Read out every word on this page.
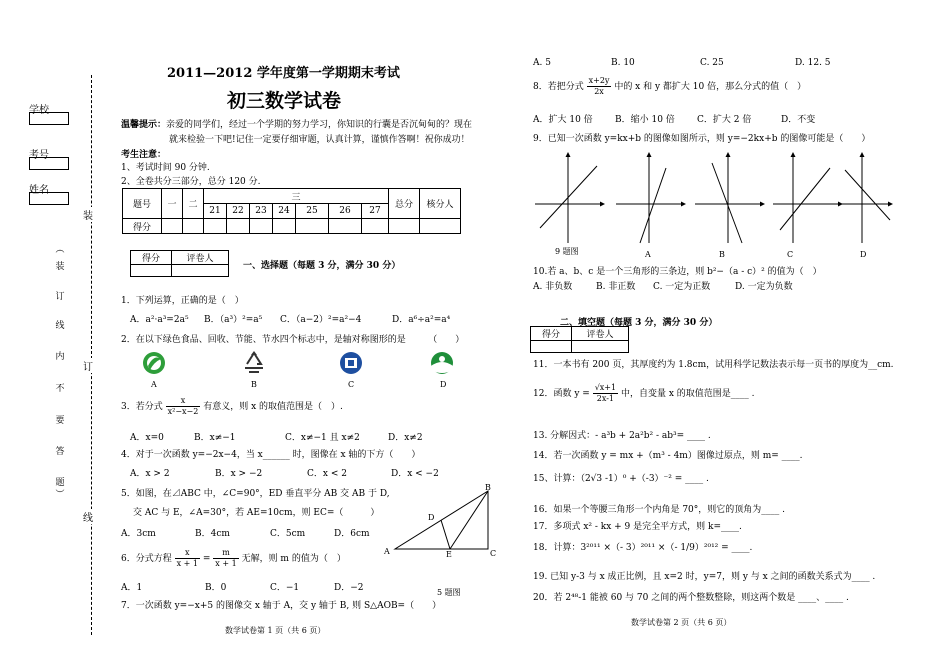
学校
考号
姓名
装
订
线
︵
装
订
线
内
不
要
答
题
︶
2011—2012 学年度第一学期期末考试
初三数学试卷
温馨提示：亲爱的同学们，经过一个学期的努力学习，你知识的行囊是否沉甸甸的？现在
就来检验一下吧!记住一定要仔细审题，认真计算，谨慎作答啊！祝你成功！
考生注意：
1、考试时间 90 分钟.
2、全卷共分三部分，总分 120 分.
题号	一	二	三							总分	核分人
			21	22	23	24	25	26	27		
得分											
得分	评卷人

一、选择题（每题 3 分，满分 30 分）
1．下列运算，正确的是（　）
A．a²·a³=2a⁵ B．（a³）²=a⁵ C．（a−2）²=a²−4	D．a⁶÷a²=a⁴
2．在以下绿色食品、回收、节能、节水四个标志中，是轴对称图形的是　　　（　　）
A	B	C	D
3．若分式 $\frac{x}{\text{x²−x−2}}$ 有意义，则 x 的取值范围是（　）.
A．x=0	B．x≠−1	C．x≠−1 且 x≠2	D．x≠2
4．对于一次函数 y=−2x−4，当 x______ 时，图像在 x 轴的下方（　　）
A．x > 2	B．x > −2	C．x < 2	D．x < −2
5．如图，在⊿ABC 中，∠C=90°，ED 垂直平分 AB 交 AB 于 D,
交 AC 与 E，∠A=30°，若 AE=10cm，则 EC=（　　　）
A．3cm	B．4cm	C．5cm	D．6cm
B
D
A	E	C
5 题图
6．分式方程 $\frac{x}{x + 1} = \frac{m}{x + 1}$ 无解，则 m 的值为（　）
A．1	B．0	C．−1	D．−2
7．一次函数 y=−x+5 的图像交 x 轴于 A，交 y 轴于 B, 则 S△AOB=（　　）
数学试卷第 1 页（共 6 页）
A. 5	B. 10	C. 25	D. 12. 5
8．若把分式 $\frac{x+2y}{2x}$ 中的 x 和 y 都扩大 10 倍，那么分式的值（　）
A．扩大 10 倍 B．缩小 10 倍 C．扩大 2 倍	D．不变
9．已知一次函数 y=kx+b 的图像如图所示，则 y=−2kx+b 的图像可能是（　　）
9 题图	A	B	C	D
10.若 a、b、c 是一个三角形的三条边，则 b²−（a - c）² 的值为（　）
A. 非负数	B. 非正数 C. 一定为正数	D. 一定为负数
二、填空题（每题 3 分，满分 30 分）
得分	评卷人

11．一本书有 200 页，其厚度约为 1.8cm，试用科学记数法表示每一页书的厚度为__cm.
12．函数 $y = \frac{√x+1}{2x-1}$ 中，自变量 x 的取值范围是____ .
13. 分解因式：- a³b + 2a²b² - ab³= ____ .
14．若一次函数 y = mx +（m³ - 4m）图像过原点，则 m= ____.
15、计算：（2√3 -1）⁰ +（-3）⁻² = ____ .
16．如果一个等腰三角形一个内角是 70°，则它的顶角为____ .
17．多项式 x² - kx + 9 是完全平方式，则 k=____.
18．计算：3²⁰¹¹ ×（- 3）²⁰¹¹ ×（- 1/9）²⁰¹² = ____.
19. 已知 y-3 与 x 成正比例，且 x=2 时，y=7，则 y 与 x 之间的函数关系式为____ .
20．若 2⁴⁸-1 能被 60 与 70 之间的两个整数整除，则这两个数是 ____、____ .
数学试卷第 2 页（共 6 页）
